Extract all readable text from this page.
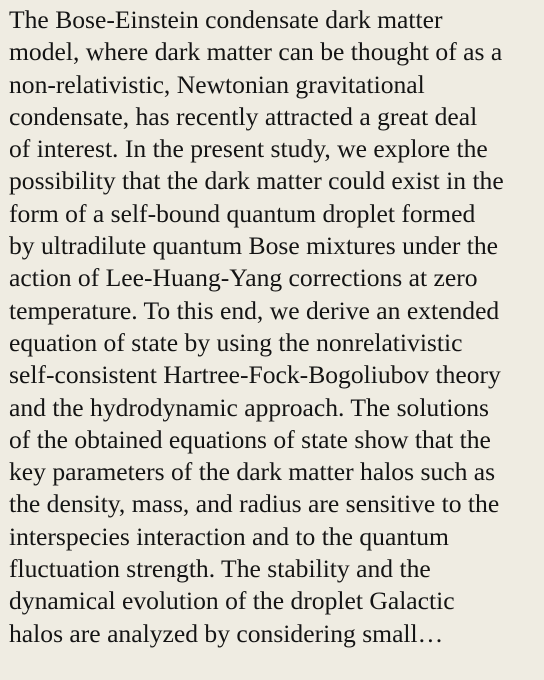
The Bose-Einstein condensate dark matter
model, where dark matter can be thought of as a
non-relativistic, Newtonian gravitational
condensate, has recently attracted a great deal
of interest. In the present study, we explore the
possibility that the dark matter could exist in the
form of a self-bound quantum droplet formed
by ultradilute quantum Bose mixtures under the
action of Lee-Huang-Yang corrections at zero
temperature. To this end, we derive an extended
equation of state by using the nonrelativistic
self-consistent Hartree-Fock-Bogoliubov theory
and the hydrodynamic approach. The solutions
of the obtained equations of state show that the
key parameters of the dark matter halos such as
the density, mass, and radius are sensitive to the
interspecies interaction and to the quantum
fluctuation strength. The stability and the
dynamical evolution of the droplet Galactic
halos are analyzed by considering small…
